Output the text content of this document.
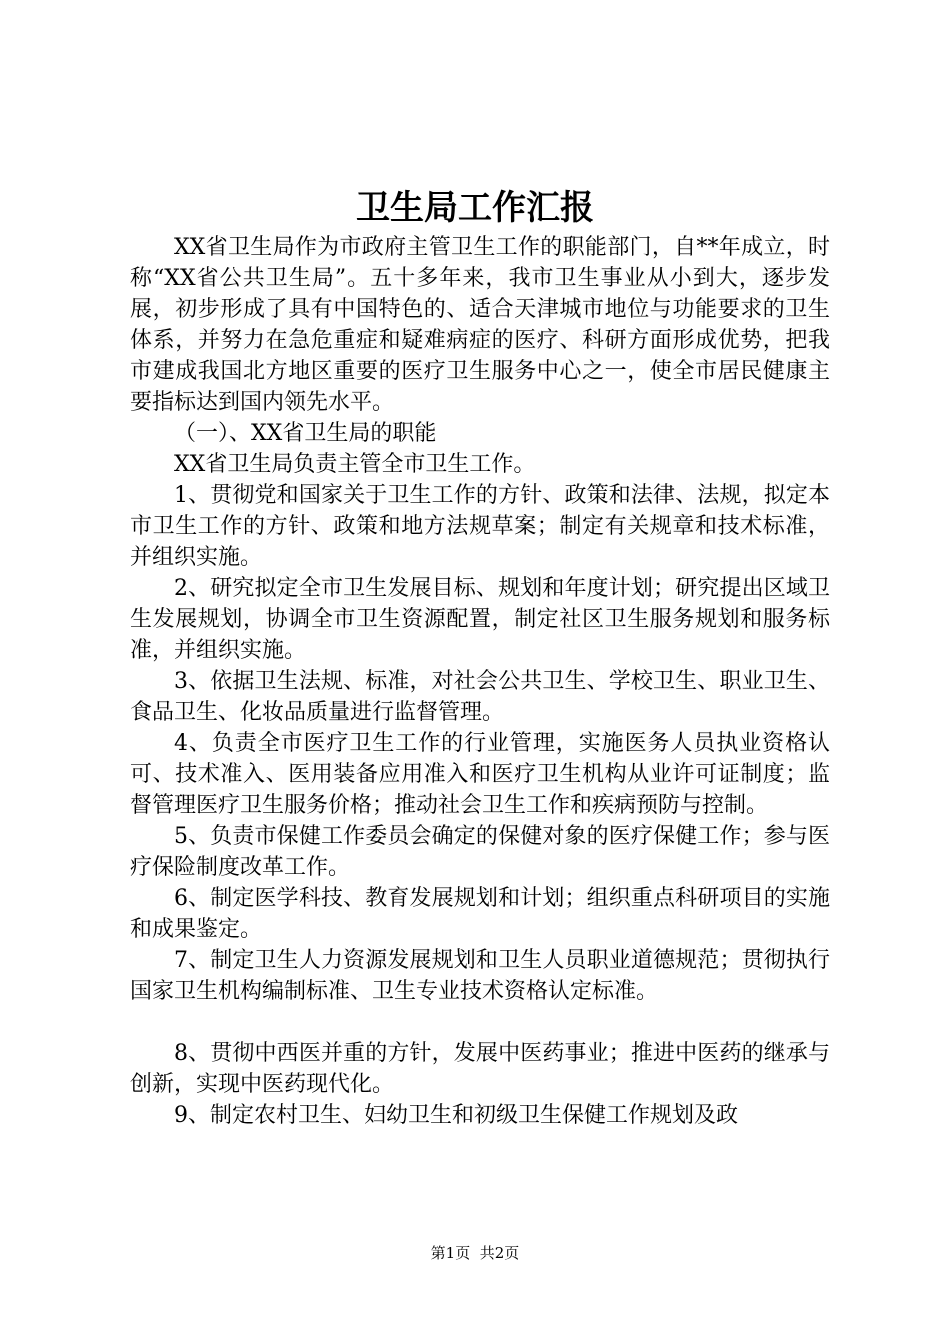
卫生局工作汇报

XX省卫生局作为市政府主管卫生工作的职能部门，自**年成立，时称“XX省公共卫生局”。五十多年来，我市卫生事业从小到大，逐步发展，初步形成了具有中国特色的、适合天津城市地位与功能要求的卫生体系，并努力在急危重症和疑难病症的医疗、科研方面形成优势，把我市建成我国北方地区重要的医疗卫生服务中心之一，使全市居民健康主要指标达到国内领先水平。

（一）、XX省卫生局的职能

XX省卫生局负责主管全市卫生工作。

1、贯彻党和国家关于卫生工作的方针、政策和法律、法规，拟定本市卫生工作的方针、政策和地方法规草案；制定有关规章和技术标准，并组织实施。

2、研究拟定全市卫生发展目标、规划和年度计划；研究提出区域卫生发展规划，协调全市卫生资源配置，制定社区卫生服务规划和服务标准，并组织实施。

3、依据卫生法规、标准，对社会公共卫生、学校卫生、职业卫生、食品卫生、化妆品质量进行监督管理。

4、负责全市医疗卫生工作的行业管理，实施医务人员执业资格认可、技术准入、医用装备应用准入和医疗卫生机构从业许可证制度；监督管理医疗卫生服务价格；推动社会卫生工作和疾病预防与控制。

5、负责市保健工作委员会确定的保健对象的医疗保健工作；参与医疗保险制度改革工作。

6、制定医学科技、教育发展规划和计划；组织重点科研项目的实施和成果鉴定。

7、制定卫生人力资源发展规划和卫生人员职业道德规范；贯彻执行国家卫生机构编制标准、卫生专业技术资格认定标准。

8、贯彻中西医并重的方针，发展中医药事业；推进中医药的继承与创新，实现中医药现代化。

9、制定农村卫生、妇幼卫生和初级卫生保健工作规划及政

第1页 共2页
